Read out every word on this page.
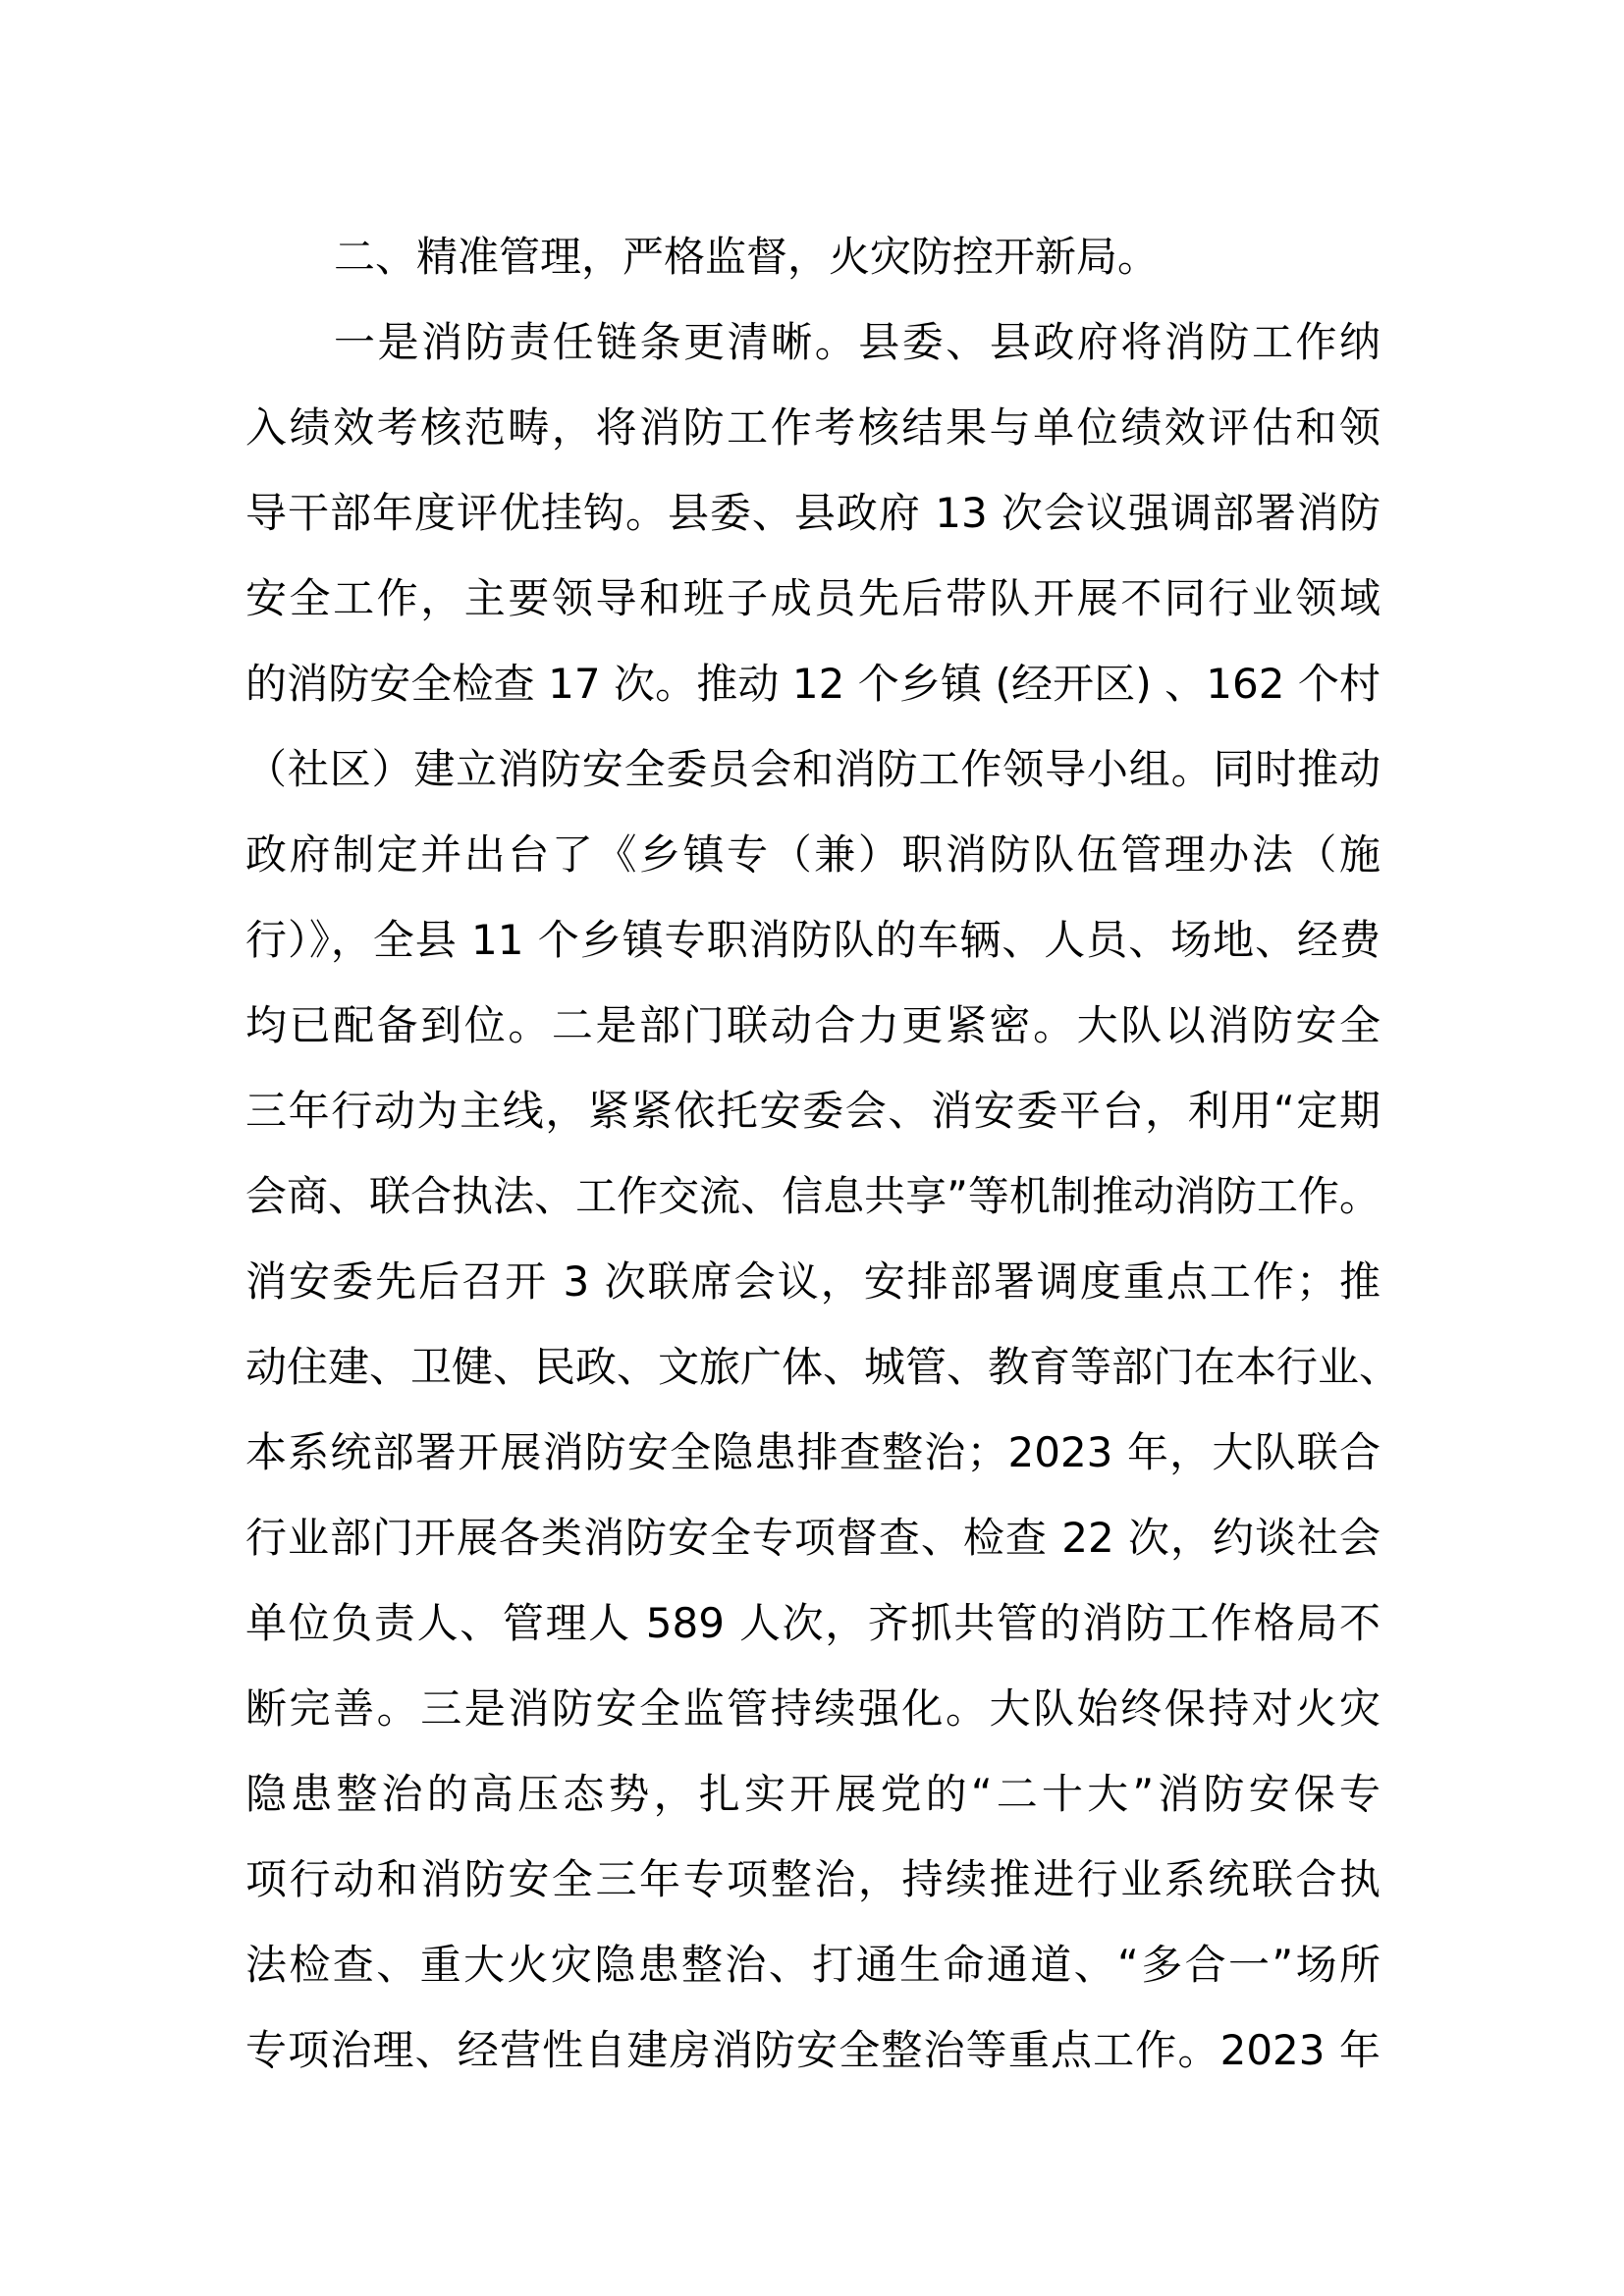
二、精准管理，严格监督，火灾防控开新局。
一是消防责任链条更清晰。县委、县政府将消防工作纳
入绩效考核范畴，将消防工作考核结果与单位绩效评估和领
导干部年度评优挂钩。县委、县政府 13 次会议强调部署消防
安全工作，主要领导和班子成员先后带队开展不同行业领域
的消防安全检查 17 次。推动 12 个乡镇 (经开区) 、162 个村
（社区）建立消防安全委员会和消防工作领导小组。同时推动
政府制定并出台了《乡镇专（兼）职消防队伍管理办法（施
行）》，全县 11 个乡镇专职消防队的车辆、人员、场地、经费
均已配备到位。二是部门联动合力更紧密。大队以消防安全
三年行动为主线，紧紧依托安委会、消安委平台，利用“定期
会商、联合执法、工作交流、信息共享”等机制推动消防工作。
消安委先后召开 3 次联席会议，安排部署调度重点工作；推
动住建、卫健、民政、文旅广体、城管、教育等部门在本行业、
本系统部署开展消防安全隐患排查整治；2023 年，大队联合
行业部门开展各类消防安全专项督查、检查 22 次，约谈社会
单位负责人、管理人 589 人次，齐抓共管的消防工作格局不
断完善。三是消防安全监管持续强化。大队始终保持对火灾
隐患整治的高压态势，扎实开展党的“二十大”消防安保专
项行动和消防安全三年专项整治，持续推进行业系统联合执
法检查、重大火灾隐患整治、打通生命通道、“多合一”场所
专项治理、经营性自建房消防安全整治等重点工作。2023 年
